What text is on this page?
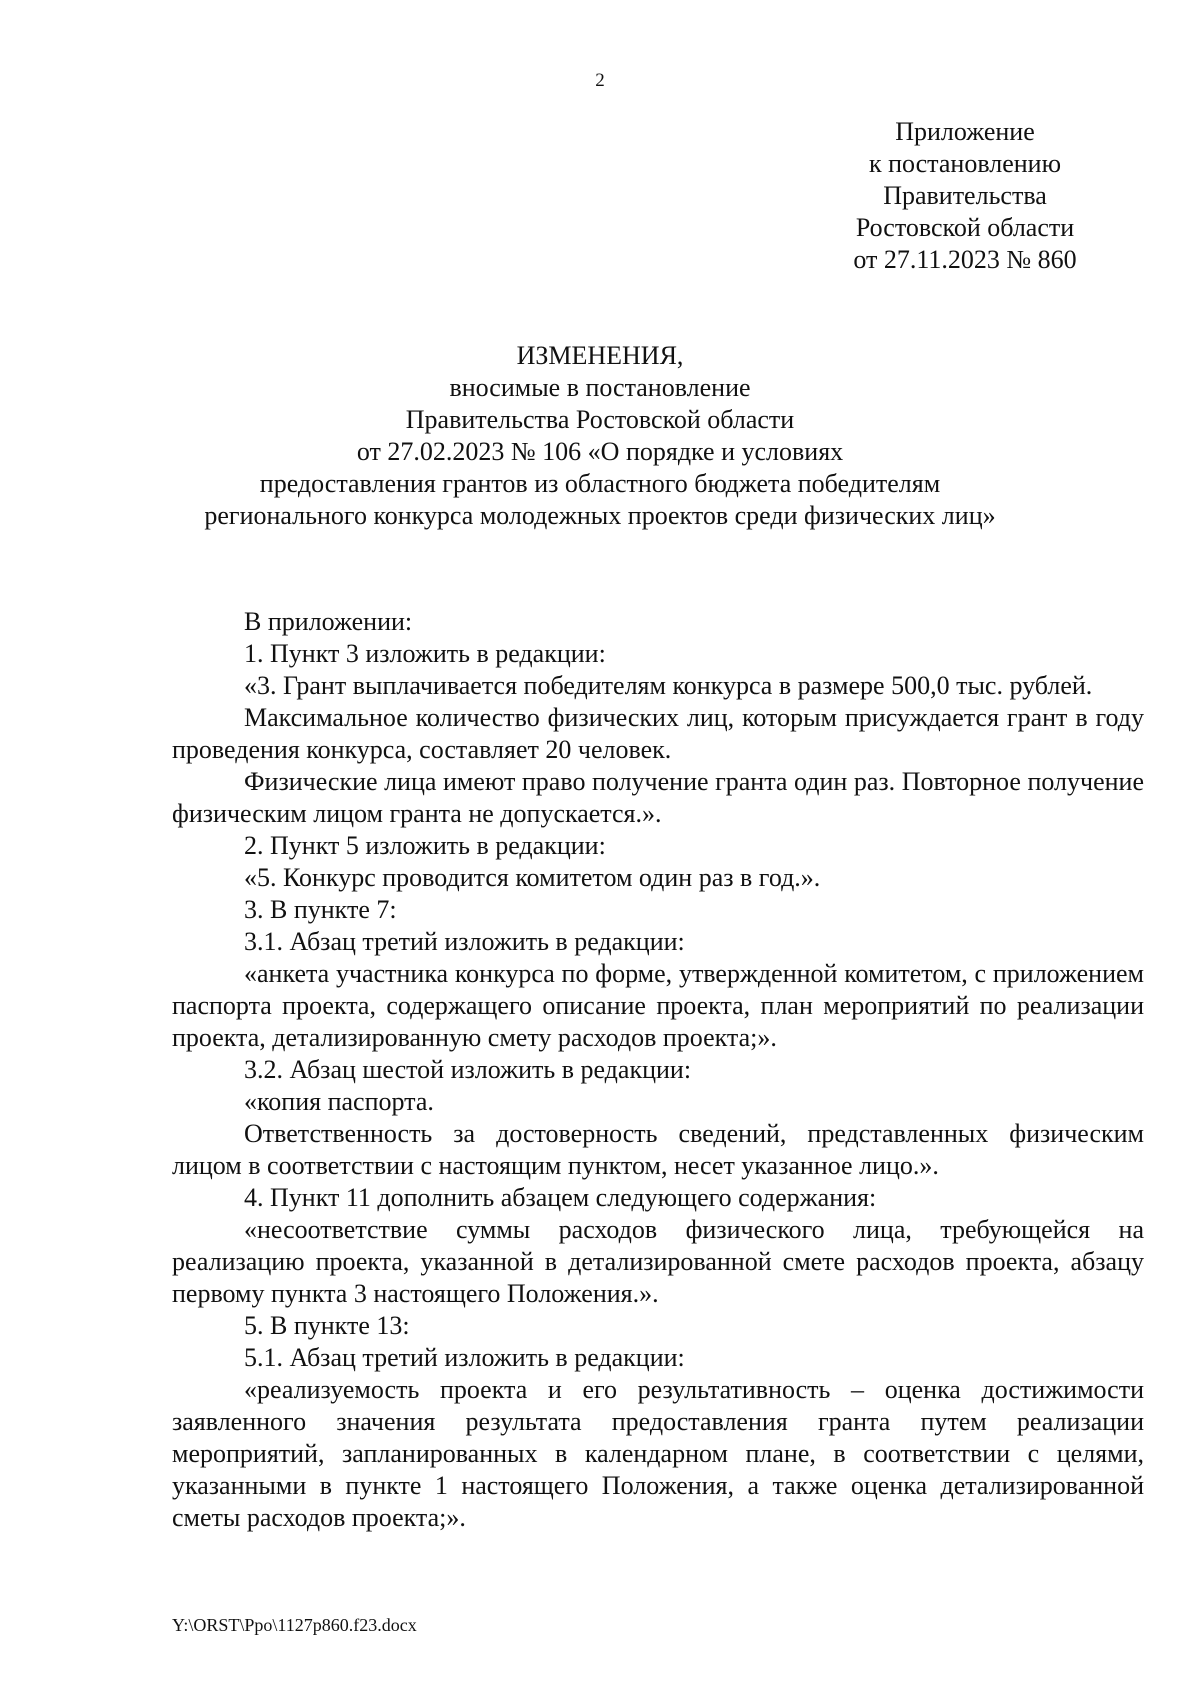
2
Приложение
к постановлению
Правительства
Ростовской области
от 27.11.2023 № 860
ИЗМЕНЕНИЯ,
вносимые в постановление
Правительства Ростовской области
от 27.02.2023 № 106 «О порядке и условиях
предоставления грантов из областного бюджета победителям
регионального конкурса молодежных проектов среди физических лиц»

В приложении:

1. Пункт 3 изложить в редакции:

«3. Грант выплачивается победителям конкурса в размере 500,0 тыс. рублей.

Максимальное количество физических лиц, которым присуждается грант в году проведения конкурса, составляет 20 человек.

Физические лица имеют право получение гранта один раз. Повторное получение физическим лицом гранта не допускается.».

2. Пункт 5 изложить в редакции:

«5. Конкурс проводится комитетом один раз в год.».

3. В пункте 7:

3.1. Абзац третий изложить в редакции:

«анкета участника конкурса по форме, утвержденной комитетом, с приложением паспорта проекта, содержащего описание проекта, план мероприятий по реализации проекта, детализированную смету расходов проекта;».

3.2. Абзац шестой изложить в редакции:

«копия паспорта.

Ответственность за достоверность сведений, представленных физическим лицом в соответствии с настоящим пунктом, несет указанное лицо.».

4. Пункт 11 дополнить абзацем следующего содержания:

«несоответствие суммы расходов физического лица, требующейся на реализацию проекта, указанной в детализированной смете расходов проекта, абзацу первому пункта 3 настоящего Положения.».

5. В пункте 13:

5.1. Абзац третий изложить в редакции:

«реализуемость проекта и его результативность – оценка достижимости заявленного значения результата предоставления гранта путем реализации мероприятий, запланированных в календарном плане, в соответствии с целями, указанными в пункте 1 настоящего Положения, а также оценка детализированной сметы расходов проекта;».

Y:\ORST\Ppo\1127p860.f23.docx
